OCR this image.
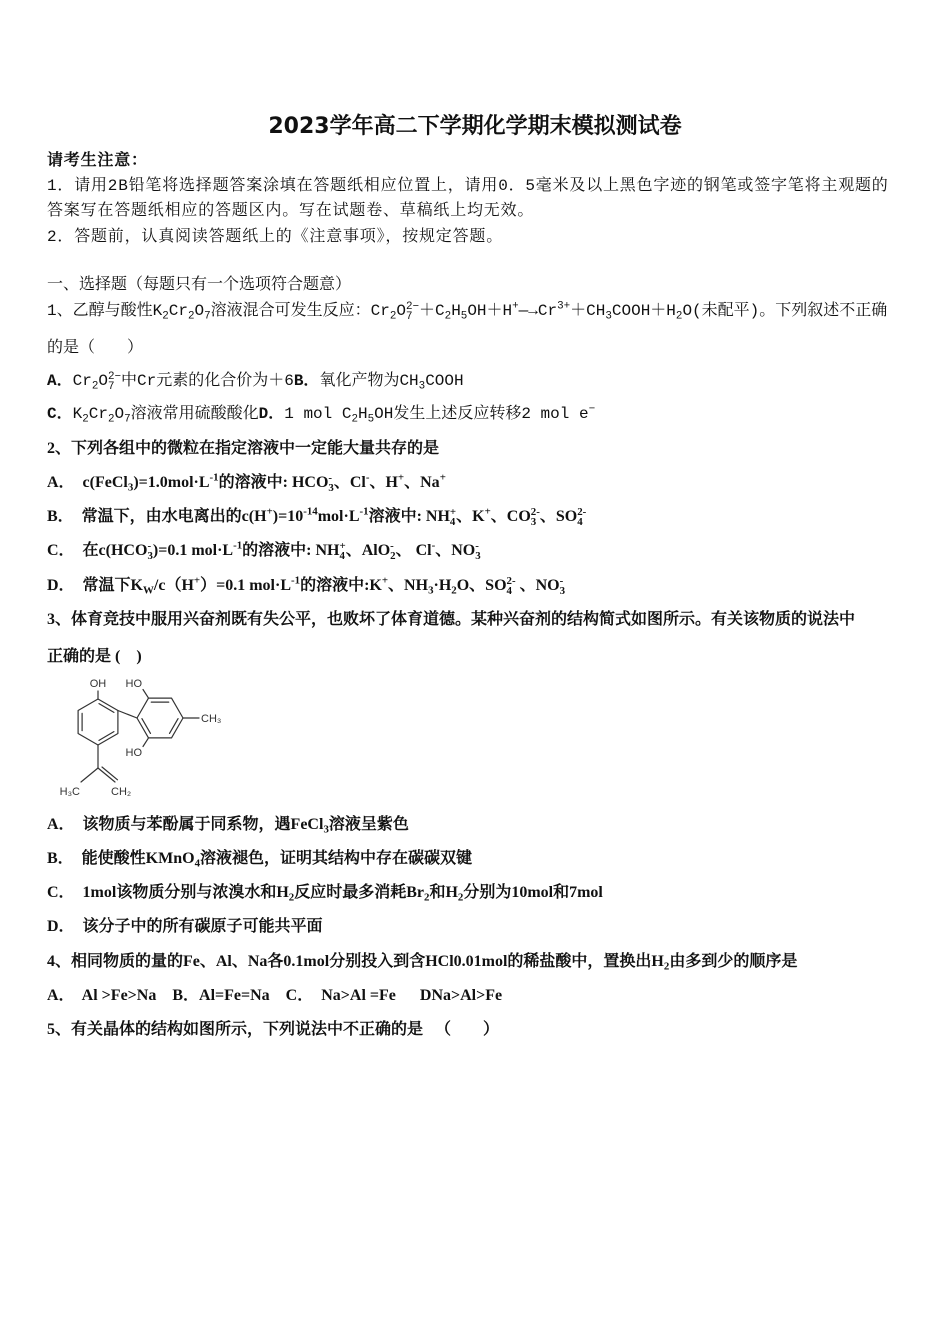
2023学年高二下学期化学期末模拟测试卷
请考生注意：
1．请用2B铅笔将选择题答案涂填在答题纸相应位置上，请用0．5毫米及以上黑色字迹的钢笔或签字笔将主观题的
答案写在答题纸相应的答题区内。写在试题卷、草稿纸上均无效。
2．答题前，认真阅读答题纸上的《注意事项》，按规定答题。
一、选择题（每题只有一个选项符合题意）
1、乙醇与酸性$K_2Cr_2O_7$溶液混合可发生反应：$Cr_2O$ 2−
$7 +C_2H_5OH+H^+—\to Cr^{3+}+CH_3COOH+H_2O$(未配平)。下列叙述不正确
的是（　　）
A．$Cr_2O$ 2−
7 中Cr元素的化合价为＋6B．氧化产物为$CH_3COOH$
C．$K_2Cr_2O_7$溶液常用硫酸酸化D．1 mol $C_2H_5OH$发生上述反应转移2 mol e−
2、下列各组中的微粒在指定溶液中一定能大量共存的是
A．  $c(FeCl_3)=1.0mol\cdot L^{-1}$的溶液中: HCO -
3 、Cl-、H+、Na+
B．  常温下，由水电离出的$c(H^+)=10^{-14}mol\cdot L^{-1}$溶液中: NH +
4 、K+、CO 2-
3 、SO 2-
4
C．  在c(HCO -
3 )=0.1 $mol\cdot L^{-1}$的溶液中: NH +
4 、AlO -
2 、 Cl-、NO -
3
D．  常温下$K_W/c(H^+)=0.1$ $mol\cdot L^{-1}$的溶液中:K+、$NH_3\cdot H_2O$、SO 2-
4 、NO -
3
3、体育竞技中服用兴奋剂既有失公平，也败坏了体育道德。某种兴奋剂的结构简式如图所示。有关该物质的说法中
正确的是 (　)
OH HO
HO
CH₃
H₃C	CH₂
A．  该物质与苯酚属于同系物，遇FeCl$_3$溶液呈紫色
B．  能使酸性KMnO$_4$溶液褪色，证明其结构中存在碳碳双键
C．  1mol该物质分别与浓溴水和$H_2$反应时最多消耗$Br_2$和$H_2$分别为10mol和7mol
D．  该分子中的所有碳原子可能共平面
4、相同物质的量的Fe、Al、Na各0.1mol分别投入到含HCl0.01mol的稀盐酸中，置换出$H_2$由多到少的顺序是
A．  Al >Fe>Na    B．Al=Fe=Na    C．  Na>Al =Fe      DNa>Al>Fe
5、有关晶体的结构如图所示，下列说法中不正确的是   （　　）
